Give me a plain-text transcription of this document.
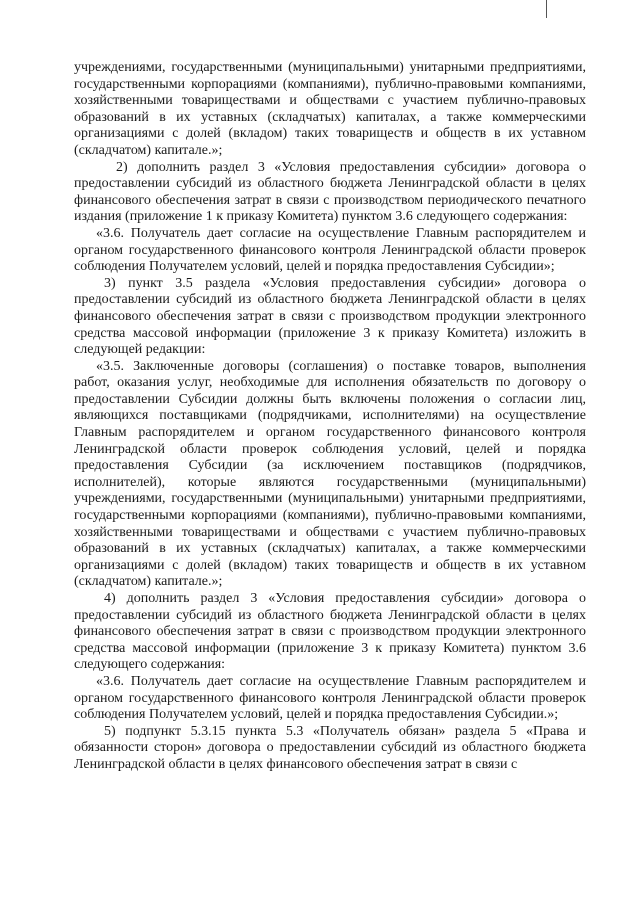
учреждениями, государственными (муниципальными) унитарными предприятиями, государственными корпорациями (компаниями), публично-правовыми компаниями, хозяйственными товариществами и обществами с участием публично-правовых образований в их уставных (складчатых) капиталах, а также коммерческими организациями с долей (вкладом) таких товариществ и обществ в их уставном (складчатом) капитале.»;

2) дополнить раздел 3 «Условия предоставления субсидии» договора о предоставлении субсидий из областного бюджета Ленинградской области в целях финансового обеспечения затрат в связи с производством периодического печатного издания (приложение 1 к приказу Комитета) пунктом 3.6 следующего содержания:

«3.6. Получатель дает согласие на осуществление Главным распорядителем и органом государственного финансового контроля Ленинградской области проверок соблюдения Получателем условий, целей и порядка предоставления Субсидии»;

3) пункт 3.5 раздела «Условия предоставления субсидии» договора о предоставлении субсидий из областного бюджета Ленинградской области в целях финансового обеспечения затрат в связи с производством продукции электронного средства массовой информации (приложение 3 к приказу Комитета) изложить в следующей редакции:

«3.5. Заключенные договоры (соглашения) о поставке товаров, выполнения работ, оказания услуг, необходимые для исполнения обязательств по договору о предоставлении Субсидии должны быть включены положения о согласии лиц, являющихся поставщиками (подрядчиками, исполнителями) на осуществление Главным распорядителем и органом государственного финансового контроля Ленинградской области проверок соблюдения условий, целей и порядка предоставления Субсидии (за исключением поставщиков (подрядчиков, исполнителей), которые являются государственными (муниципальными) учреждениями, государственными (муниципальными) унитарными предприятиями, государственными корпорациями (компаниями), публично-правовыми компаниями, хозяйственными товариществами и обществами с участием публично-правовых образований в их уставных (складчатых) капиталах, а также коммерческими организациями с долей (вкладом) таких товариществ и обществ в их уставном (складчатом) капитале.»;

4) дополнить раздел 3 «Условия предоставления субсидии» договора о предоставлении субсидий из областного бюджета Ленинградской области в целях финансового обеспечения затрат в связи с производством продукции электронного средства массовой информации (приложение 3 к приказу Комитета) пунктом 3.6 следующего содержания:

«3.6. Получатель дает согласие на осуществление Главным распорядителем и органом государственного финансового контроля Ленинградской области проверок соблюдения Получателем условий, целей и порядка предоставления Субсидии.»;

5) подпункт 5.3.15 пункта 5.3 «Получатель обязан» раздела 5 «Права и обязанности сторон» договора о предоставлении субсидий из областного бюджета Ленинградской области в целях финансового обеспечения затрат в связи с
